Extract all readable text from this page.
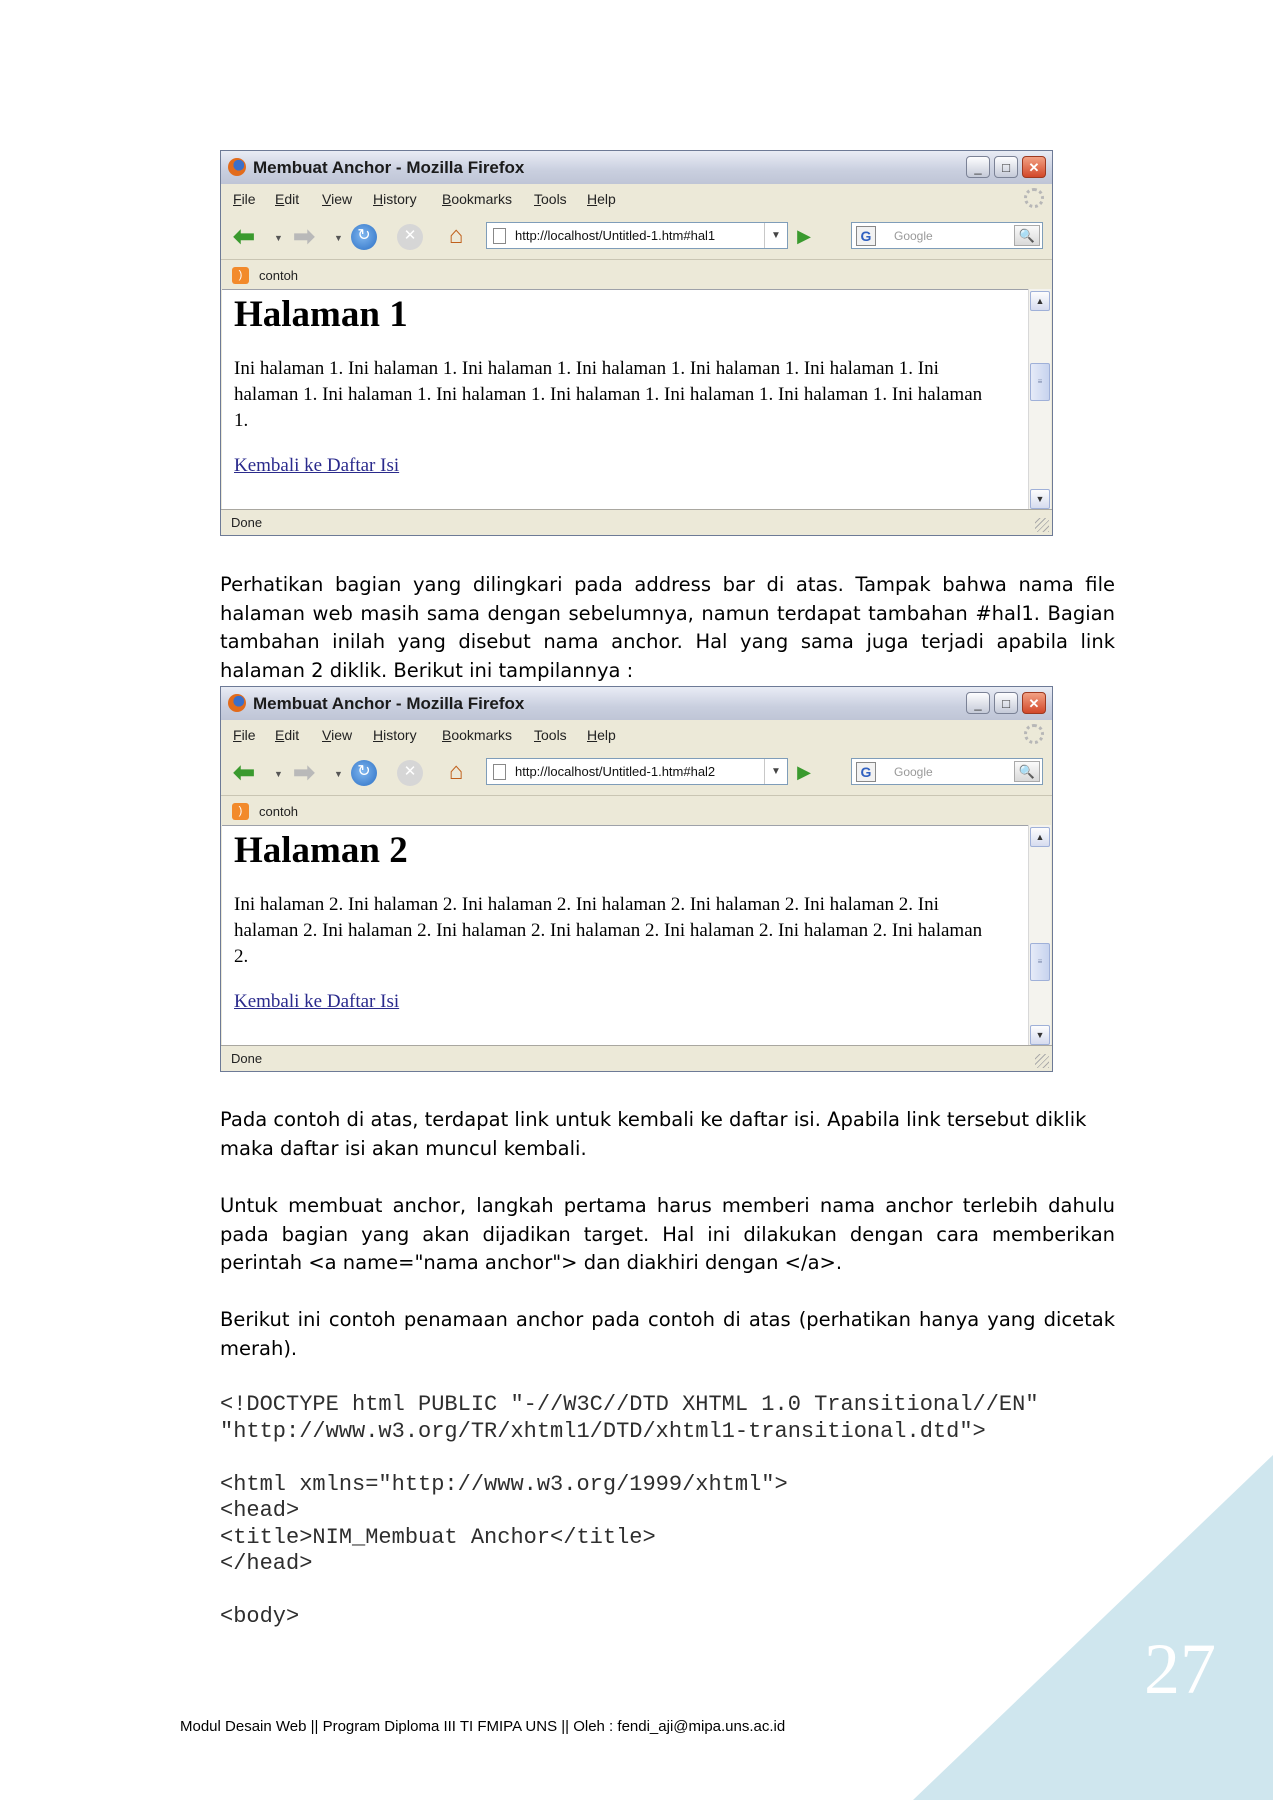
27
Membuat Anchor - Mozilla Firefox	_	□	✕
File Edit View History Bookmarks Tools Help
⬅ ▼ ➡ ▼ ↻	✕ ⌂	http://localhost/Untitled-1.htm#hal1	▼ ▶	G	Google	🔍
)	contoh
Halaman 1
Ini halaman 1. Ini halaman 1. Ini halaman 1. Ini halaman 1. Ini halaman 1. Ini halaman 1. Ini
halaman 1. Ini halaman 1. Ini halaman 1. Ini halaman 1. Ini halaman 1. Ini halaman 1. Ini halaman
1.
Kembali ke Daftar Isi
▲
≡
▼
Done
Perhatikan bagian yang dilingkari pada address bar di atas. Tampak bahwa nama file
halaman web masih sama dengan sebelumnya, namun terdapat tambahan #hal1. Bagian
tambahan inilah yang disebut nama anchor. Hal yang sama juga terjadi apabila link
halaman 2 diklik. Berikut ini tampilannya :
Membuat Anchor - Mozilla Firefox	_	□	✕
File Edit View History Bookmarks Tools Help
⬅ ▼ ➡ ▼ ↻	✕ ⌂	http://localhost/Untitled-1.htm#hal2	▼ ▶	G	Google	🔍
)	contoh
Halaman 2
Ini halaman 2. Ini halaman 2. Ini halaman 2. Ini halaman 2. Ini halaman 2. Ini halaman 2. Ini
halaman 2. Ini halaman 2. Ini halaman 2. Ini halaman 2. Ini halaman 2. Ini halaman 2. Ini halaman
2.
Kembali ke Daftar Isi
▲
≡
▼
Done
Pada contoh di atas, terdapat link untuk kembali ke daftar isi. Apabila link tersebut diklik
maka daftar isi akan muncul kembali.
Untuk membuat anchor, langkah pertama harus memberi nama anchor terlebih dahulu
pada bagian yang akan dijadikan target. Hal ini dilakukan dengan cara memberikan
perintah <a name="nama anchor"> dan diakhiri dengan </a>.
Berikut ini contoh penamaan anchor pada contoh di atas (perhatikan hanya yang dicetak
merah).
<!DOCTYPE html PUBLIC "-//W3C//DTD XHTML 1.0 Transitional//EN"
"http://www.w3.org/TR/xhtml1/DTD/xhtml1-transitional.dtd">
<html xmlns="http://www.w3.org/1999/xhtml">
<head>
<title>NIM_Membuat Anchor</title>
</head>
<body>
Modul Desain Web || Program Diploma III TI FMIPA UNS || Oleh : fendi_aji@mipa.uns.ac.id
